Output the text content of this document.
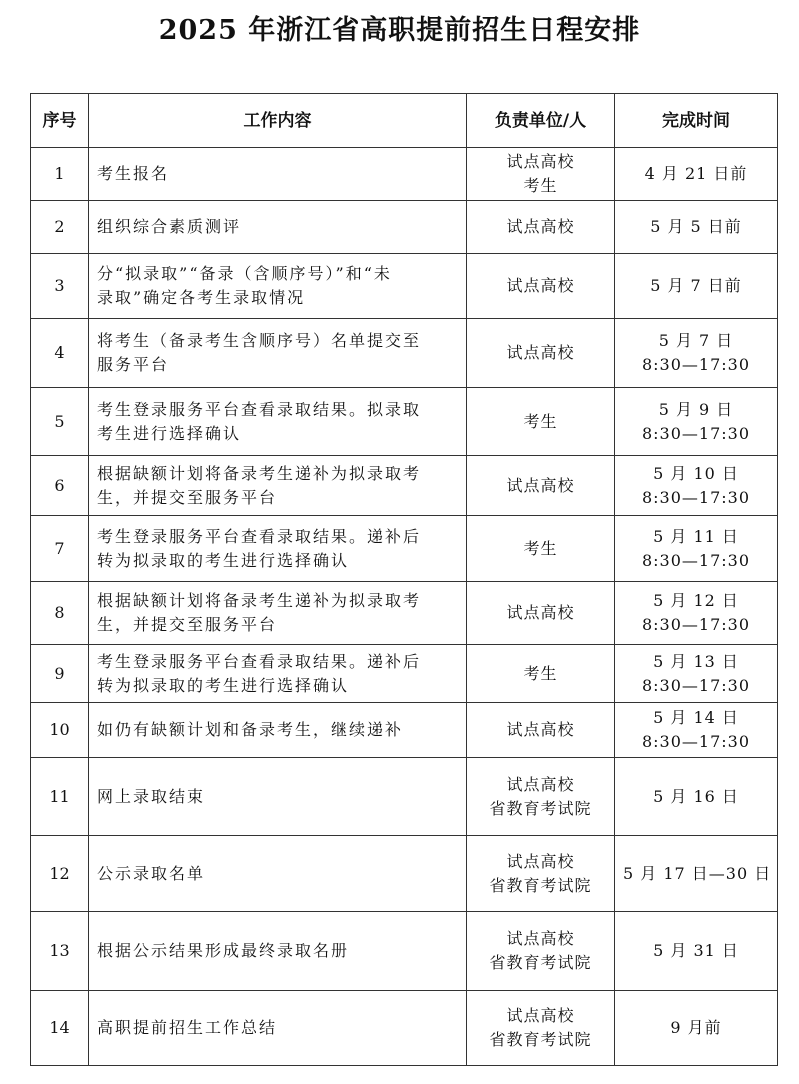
2025 年浙江省高职提前招生日程安排
序号	工作内容	负责单位/人	完成时间
1	考生报名	试点高校
考生	4 月 21 日前

2	组织综合素质测评	试点高校	5 月 5 日前

3	分“拟录取”“备录（含顺序号）”和“未
录取”确定各考生录取情况	试点高校	5 月 7 日前

4	将考生（备录考生含顺序号）名单提交至
服务平台	试点高校	5 月 7 日
8:30—17:30

5	考生登录服务平台查看录取结果。拟录取
考生进行选择确认	考生	5 月 9 日
8:30—17:30

6	根据缺额计划将备录考生递补为拟录取考
生，并提交至服务平台	试点高校	5 月 10 日
8:30—17:30

7	考生登录服务平台查看录取结果。递补后
转为拟录取的考生进行选择确认	考生	5 月 11 日
8:30—17:30

8	根据缺额计划将备录考生递补为拟录取考
生，并提交至服务平台	试点高校	5 月 12 日
8:30—17:30

9	考生登录服务平台查看录取结果。递补后
转为拟录取的考生进行选择确认	考生	5 月 13 日
8:30—17:30

10	如仍有缺额计划和备录考生，继续递补	试点高校	5 月 14 日
8:30—17:30

11	网上录取结束	试点高校
省教育考试院	5 月 16 日

12	公示录取名单	试点高校
省教育考试院	5 月 17 日—30 日

13	根据公示结果形成最终录取名册	试点高校
省教育考试院	5 月 31 日

14	高职提前招生工作总结	试点高校
省教育考试院	9 月前
